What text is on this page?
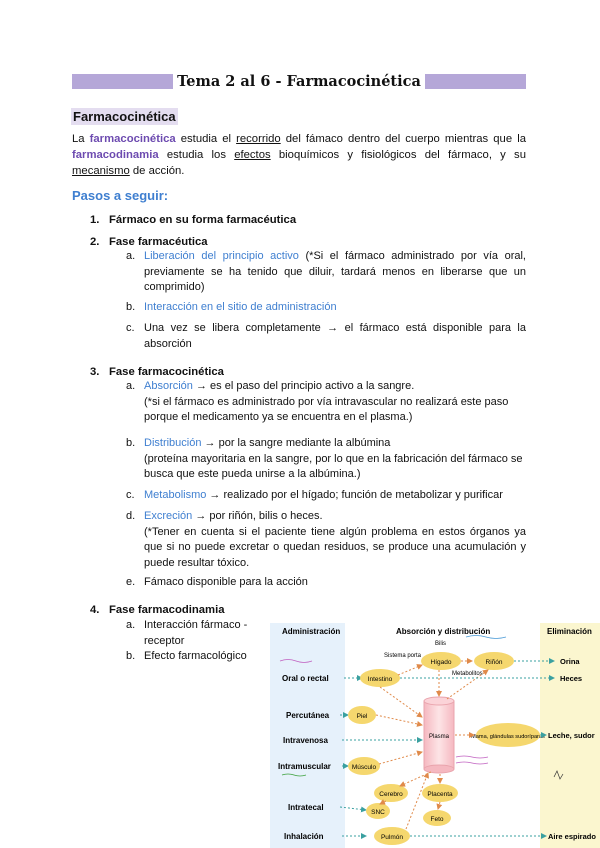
Tema 2 al 6 - Farmacocinética
Farmacocinética
La farmacocinética estudia el recorrido del fámaco dentro del cuerpo mientras que la farmacodinamia estudia los efectos bioquímicos y fisiológicos del fármaco, y su mecanismo de acción.
Pasos a seguir:
1. Fármaco en su forma farmacéutica
2. Fase farmacéutica
a. Liberación del principio activo (*Si el fármaco administrado por vía oral, previamente se ha tenido que diluir, tardará menos en liberarse que un comprimido)
b. Interacción en el sitio de administración
c. Una vez se libera completamente → el fármaco está disponible para la absorción
3. Fase farmacocinética
a. Absorción → es el paso del principio activo a la sangre.
(*si el fármaco es administrado por vía intravascular no realizará este paso porque el medicamento ya se encuentra en el plasma.)
b. Distribución → por la sangre mediante la albúmina
(proteína mayoritaria en la sangre, por lo que en la fabricación del fármaco se busca que este pueda unirse a la albúmina.)
c. Metabolismo → realizado por el hígado; función de metabolizar y purificar
d. Excreción → por riñón, bilis o heces.
(*Tener en cuenta si el paciente tiene algún problema en estos órganos ya que si no puede excretar o quedan residuos, se produce una acumulación y puede resultar tóxico.
e. Fámaco disponible para la acción
4. Fase farmacodinamia
a. Interacción fármaco - receptor
b. Efecto farmacológico
Administración	Absorción y distribución	Eliminación
Oral o rectal
Percutánea
Intravenosa
Intramuscular
Intratecal
Inhalación
Hígado	Riñón
Intestino
Piel
Músculo
Cerebro	Placenta
SNC
Feto
Pulmón
Mama, glándulas sudoríparas
Plasma
Bilis
Sistema porta
Metabolitos
Orina
Heces
Leche, sudor
Aire espirado
